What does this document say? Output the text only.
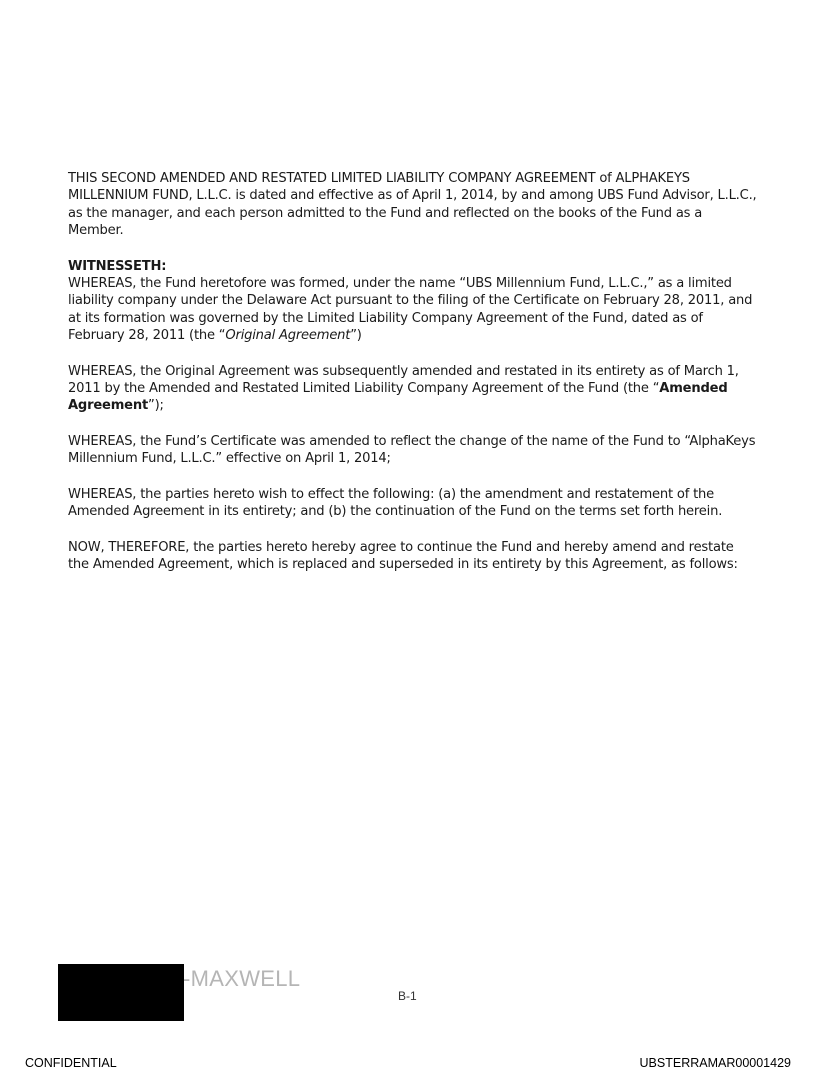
THIS SECOND AMENDED AND RESTATED LIMITED LIABILITY COMPANY AGREEMENT of ALPHAKEYS MILLENNIUM FUND, L.L.C. is dated and effective as of April 1, 2014, by and among UBS Fund Advisor, L.L.C., as the manager, and each person admitted to the Fund and reflected on the books of the Fund as a Member.

WITNESSETH:
WHEREAS, the Fund heretofore was formed, under the name “UBS Millennium Fund, L.L.C.,” as a limited liability company under the Delaware Act pursuant to the filing of the Certificate on February 28, 2011, and at its formation was governed by the Limited Liability Company Agreement of the Fund, dated as of February 28, 2011 (the “Original Agreement”)

WHEREAS, the Original Agreement was subsequently amended and restated in its entirety as of March 1, 2011 by the Amended and Restated Limited Liability Company Agreement of the Fund (the “Amended Agreement”);

WHEREAS, the Fund’s Certificate was amended to reflect the change of the name of the Fund to “AlphaKeys Millennium Fund, L.L.C.” effective on April 1, 2014;

WHEREAS, the parties hereto wish to effect the following: (a) the amendment and restatement of the Amended Agreement in its entirety; and (b) the continuation of the Fund on the terms set forth herein.

NOW, THEREFORE, the parties hereto hereby agree to continue the Fund and hereby amend and restate the Amended Agreement, which is replaced and superseded in its entirety by this Agreement, as follows:

-MAXWELL
B-1
CONFIDENTIAL	UBSTERRAMAR00001429
